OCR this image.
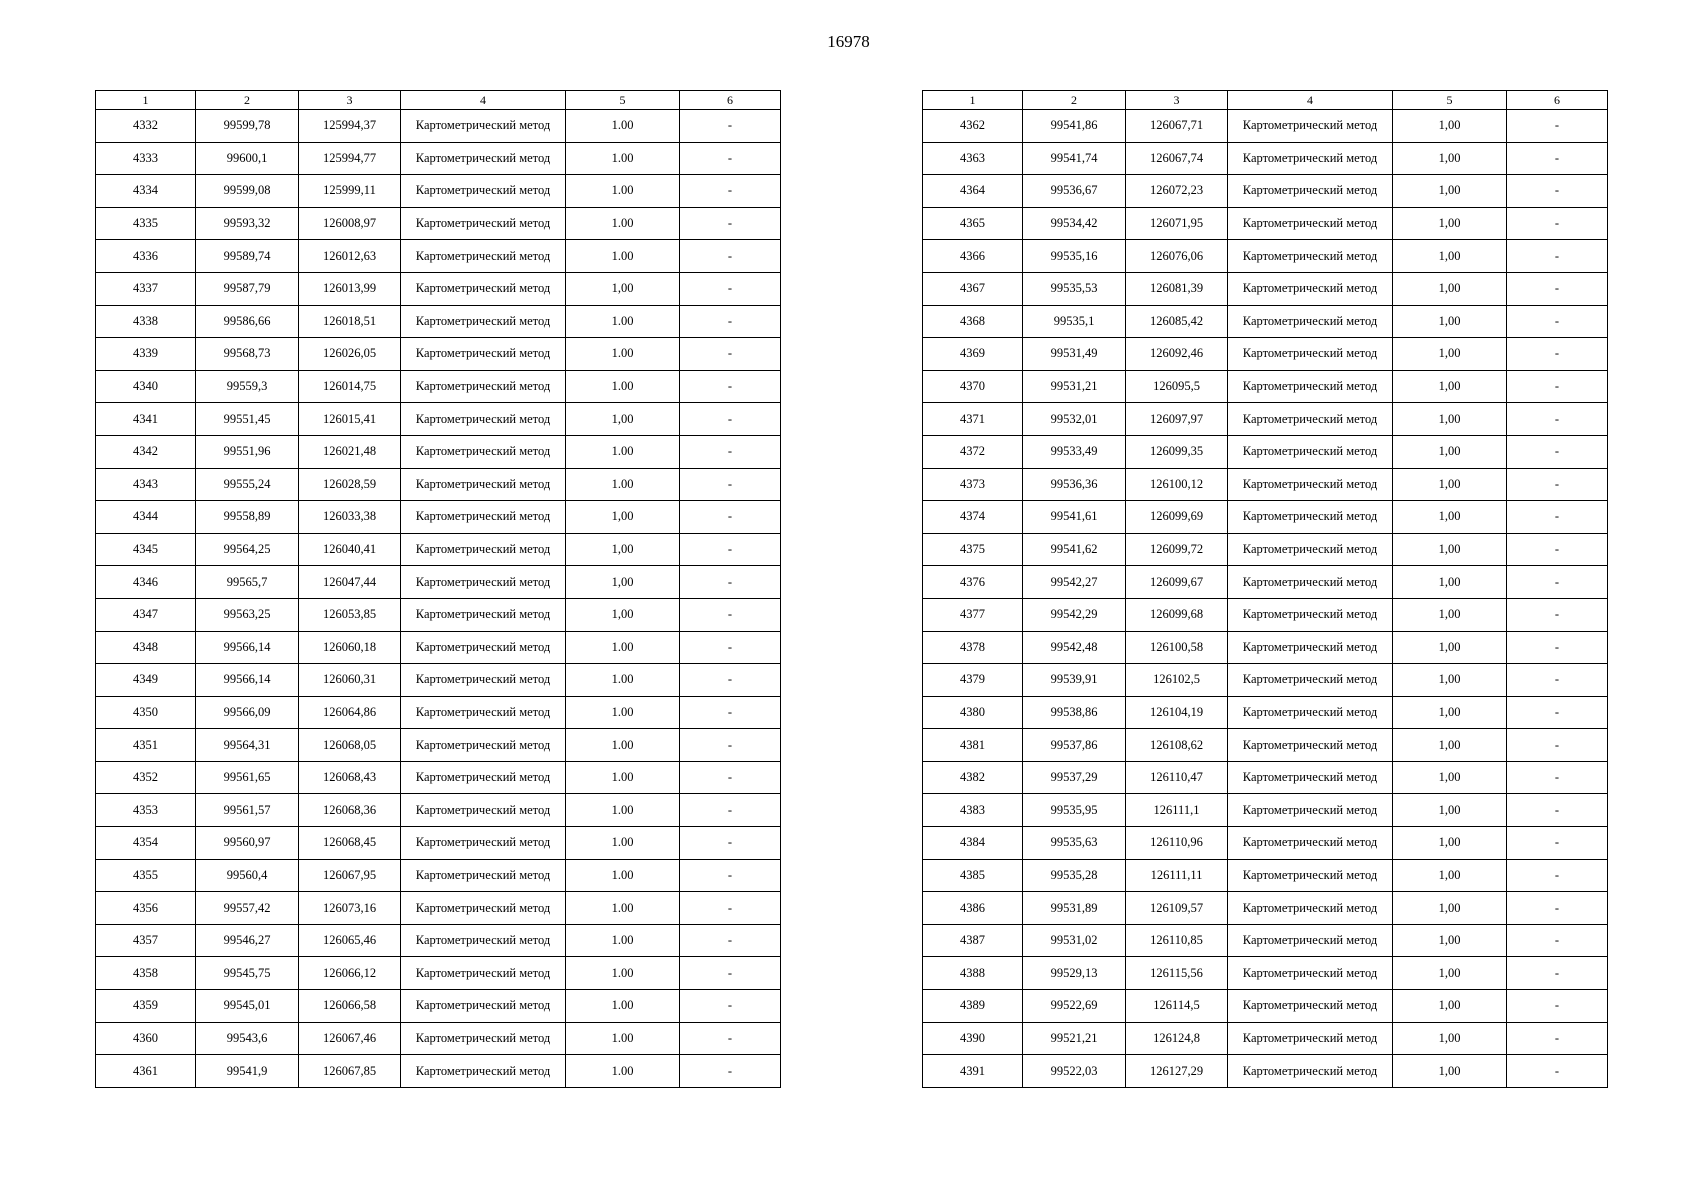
16978
1	2	3	4	5	6
4332	99599,78	125994,37	Картометрический метод	1.00	-
4333	99600,1	125994,77	Картометрический метод	1.00	-
4334	99599,08	125999,11	Картометрический метод	1.00	-
4335	99593,32	126008,97	Картометрический метод	1.00	-
4336	99589,74	126012,63	Картометрический метод	1.00	-
4337	99587,79	126013,99	Картометрический метод	1,00	-
4338	99586,66	126018,51	Картометрический метод	1.00	-
4339	99568,73	126026,05	Картометрический метод	1.00	-
4340	99559,3	126014,75	Картометрический метод	1.00	-
4341	99551,45	126015,41	Картометрический метод	1,00	-
4342	99551,96	126021,48	Картометрический метод	1.00	-
4343	99555,24	126028,59	Картометрический метод	1.00	-
4344	99558,89	126033,38	Картометрический метод	1,00	-
4345	99564,25	126040,41	Картометрический метод	1,00	-
4346	99565,7	126047,44	Картометрический метод	1,00	-
4347	99563,25	126053,85	Картометрический метод	1,00	-
4348	99566,14	126060,18	Картометрический метод	1.00	-
4349	99566,14	126060,31	Картометрический метод	1.00	-
4350	99566,09	126064,86	Картометрический метод	1.00	-
4351	99564,31	126068,05	Картометрический метод	1.00	-
4352	99561,65	126068,43	Картометрический метод	1.00	-
4353	99561,57	126068,36	Картометрический метод	1.00	-
4354	99560,97	126068,45	Картометрический метод	1.00	-
4355	99560,4	126067,95	Картометрический метод	1.00	-
4356	99557,42	126073,16	Картометрический метод	1.00	-
4357	99546,27	126065,46	Картометрический метод	1.00	-
4358	99545,75	126066,12	Картометрический метод	1.00	-
4359	99545,01	126066,58	Картометрический метод	1.00	-
4360	99543,6	126067,46	Картометрический метод	1.00	-
4361	99541,9	126067,85	Картометрический метод	1.00	-
1	2	3	4	5	6
4362	99541,86	126067,71	Картометрический метод	1,00	-
4363	99541,74	126067,74	Картометрический метод	1,00	-
4364	99536,67	126072,23	Картометрический метод	1,00	-
4365	99534,42	126071,95	Картометрический метод	1,00	-
4366	99535,16	126076,06	Картометрический метод	1,00	-
4367	99535,53	126081,39	Картометрический метод	1,00	-
4368	99535,1	126085,42	Картометрический метод	1,00	-
4369	99531,49	126092,46	Картометрический метод	1,00	-
4370	99531,21	126095,5	Картометрический метод	1,00	-
4371	99532,01	126097,97	Картометрический метод	1,00	-
4372	99533,49	126099,35	Картометрический метод	1,00	-
4373	99536,36	126100,12	Картометрический метод	1,00	-
4374	99541,61	126099,69	Картометрический метод	1,00	-
4375	99541,62	126099,72	Картометрический метод	1,00	-
4376	99542,27	126099,67	Картометрический метод	1,00	-
4377	99542,29	126099,68	Картометрический метод	1,00	-
4378	99542,48	126100,58	Картометрический метод	1,00	-
4379	99539,91	126102,5	Картометрический метод	1,00	-
4380	99538,86	126104,19	Картометрический метод	1,00	-
4381	99537,86	126108,62	Картометрический метод	1,00	-
4382	99537,29	126110,47	Картометрический метод	1,00	-
4383	99535,95	126111,1	Картометрический метод	1,00	-
4384	99535,63	126110,96	Картометрический метод	1,00	-
4385	99535,28	126111,11	Картометрический метод	1,00	-
4386	99531,89	126109,57	Картометрический метод	1,00	-
4387	99531,02	126110,85	Картометрический метод	1,00	-
4388	99529,13	126115,56	Картометрический метод	1,00	-
4389	99522,69	126114,5	Картометрический метод	1,00	-
4390	99521,21	126124,8	Картометрический метод	1,00	-
4391	99522,03	126127,29	Картометрический метод	1,00	-
